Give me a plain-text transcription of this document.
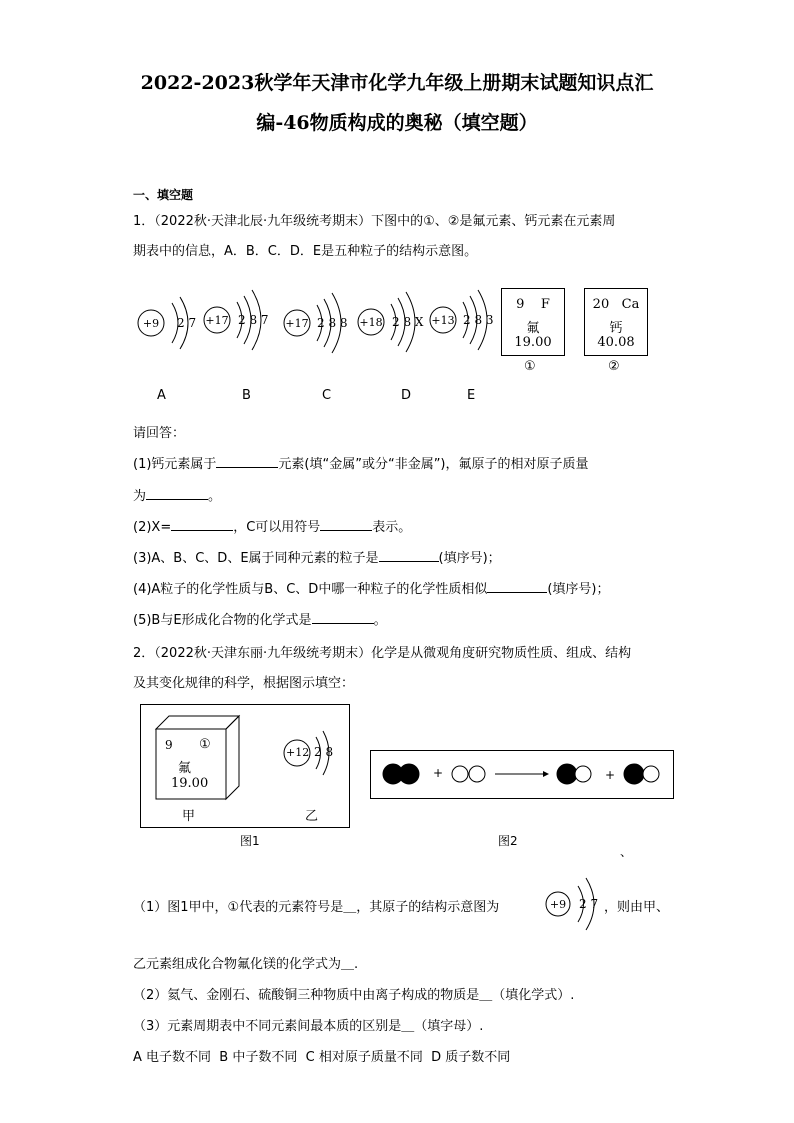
2022-2023秋学年天津市化学九年级上册期末试题知识点汇
编-46物质构成的奥秘（填空题）
一、填空题
1．（2022秋·天津北辰·九年级统考期末）下图中的①、②是氟元素、钙元素在元素周
期表中的信息，A．B．C．D．E是五种粒子的结构示意图。
+9 2 7 +17 2 8 7 +17 2 8 8 +18 2 8 X +13 2 8 3
9 F
氟
19.00
20 Ca
钙
40.08
①	②
A	B	C	D	E
请回答：
(1)钙元素属于	元素(填“金属”或分“非金属”)，氟原子的相对原子质量
为	。
(2)X=	，C可以用符号	表示。
(3)A、B、C、D、E属于同种元素的粒子是	(填序号)；
(4)A粒子的化学性质与B、C、D中哪一种粒子的化学性质相似	(填序号)；
(5)B与E形成化合物的化学式是	。
2．（2022秋·天津东丽·九年级统考期末）化学是从微观角度研究物质性质、组成、结构
及其变化规律的科学，根据图示填空：
9 ①
氟
19.00
+12 2 8
甲	乙
图1
+	+
图2
、
（1）图1甲中，①代表的元素符号是＿，其原子的结构示意图为	+9 2 7 ，则由甲、
乙元素组成化合物氟化镁的化学式为＿.
（2）氦气、金刚石、硫酸铜三种物质中由离子构成的物质是＿（填化学式）.
（3）元素周期表中不同元素间最本质的区别是＿（填字母）.
A 电子数不同  B 中子数不同  C 相对原子质量不同  D 质子数不同
